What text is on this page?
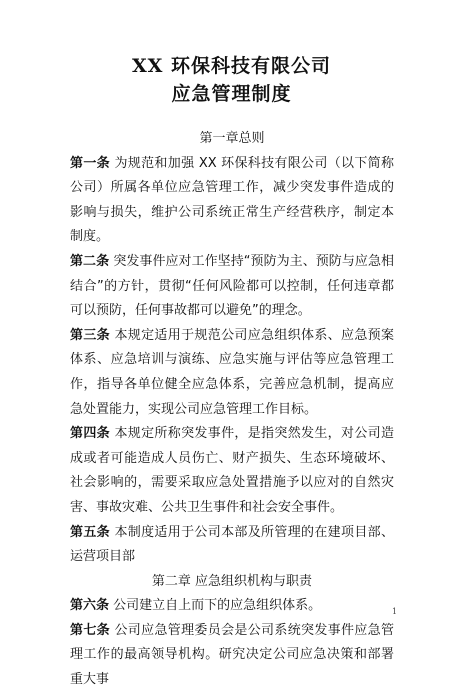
XX 环保科技有限公司
应急管理制度
第一章总则
第一条 为规范和加强 XX 环保科技有限公司（以下简称公司）所属各单位应急管理工作，减少突发事件造成的影响与损失，维护公司系统正常生产经营秩序，制定本制度。
第二条 突发事件应对工作坚持“预防为主、预防与应急相结合”的方针，贯彻“任何风险都可以控制，任何违章都可以预防，任何事故都可以避免”的理念。
第三条 本规定适用于规范公司应急组织体系、应急预案体系、应急培训与演练、应急实施与评估等应急管理工作，指导各单位健全应急体系，完善应急机制，提高应急处置能力，实现公司应急管理工作目标。
第四条 本规定所称突发事件，是指突然发生，对公司造成或者可能造成人员伤亡、财产损失、生态环境破坏、社会影响的，需要采取应急处置措施予以应对的自然灾害、事故灾难、公共卫生事件和社会安全事件。
第五条 本制度适用于公司本部及所管理的在建项目部、运营项目部
第二章 应急组织机构与职责
第六条 公司建立自上而下的应急组织体系。
第七条 公司应急管理委员会是公司系统突发事件应急管理工作的最高领导机构。研究决定公司应急决策和部署重大事
1
